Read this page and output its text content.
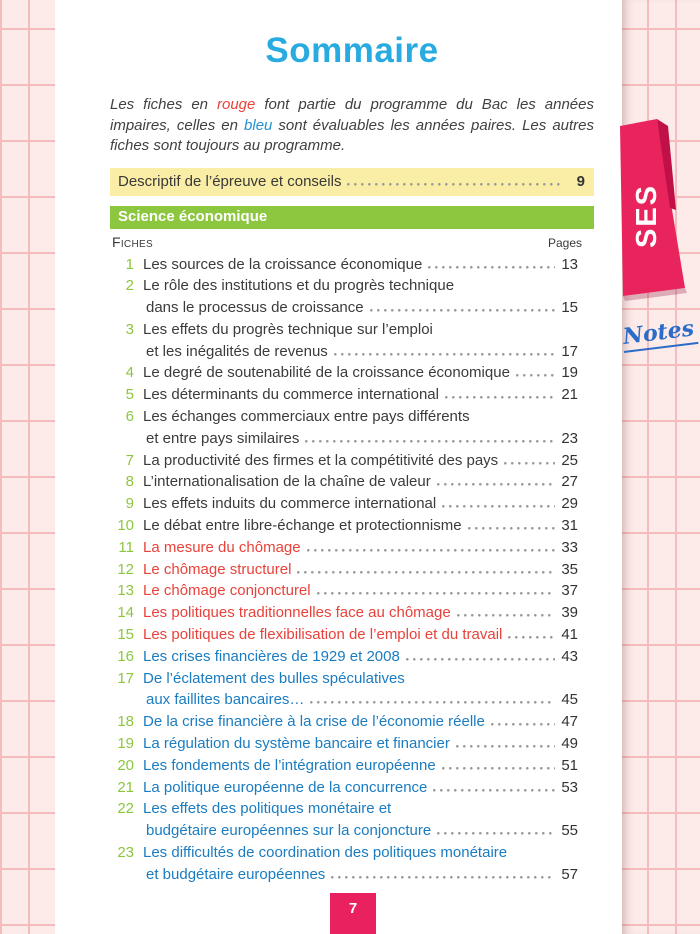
Sommaire
Les fiches en rouge font partie du programme du Bac les années impaires, celles en bleu sont évaluables les années paires. Les autres fiches sont toujours au programme.
Descriptif de l’épreuve et conseils	9
Science économique
Fiches	Pages
1 Les sources de la croissance économique	13
2 Le rôle des institutions et du progrès technique
dans le processus de croissance	15
3 Les effets du progrès technique sur l’emploi
et les inégalités de revenus	17
4 Le degré de soutenabilité de la croissance économique	19
5 Les déterminants du commerce international	21
6 Les échanges commerciaux entre pays différents
et entre pays similaires	23
7 La productivité des firmes et la compétitivité des pays	25
8 L’internationalisation de la chaîne de valeur	27
9 Les effets induits du commerce international	29
10 Le débat entre libre-échange et protectionnisme	31
11 La mesure du chômage	33
12 Le chômage structurel	35
13 Le chômage conjoncturel	37
14 Les politiques traditionnelles face au chômage	39
15 Les politiques de flexibilisation de l’emploi et du travail	41
16 Les crises financières de 1929 et 2008	43
17 De l’éclatement des bulles spéculatives
aux faillites bancaires…	45
18 De la crise financière à la crise de l’économie réelle	47
19 La régulation du système bancaire et financier	49
20 Les fondements de l’intégration européenne	51
21 La politique européenne de la concurrence	53
22 Les effets des politiques monétaire et
budgétaire européennes sur la conjoncture	55
23 Les difficultés de coordination des politiques monétaire
et budgétaire européennes	57
SES
Notes
7
